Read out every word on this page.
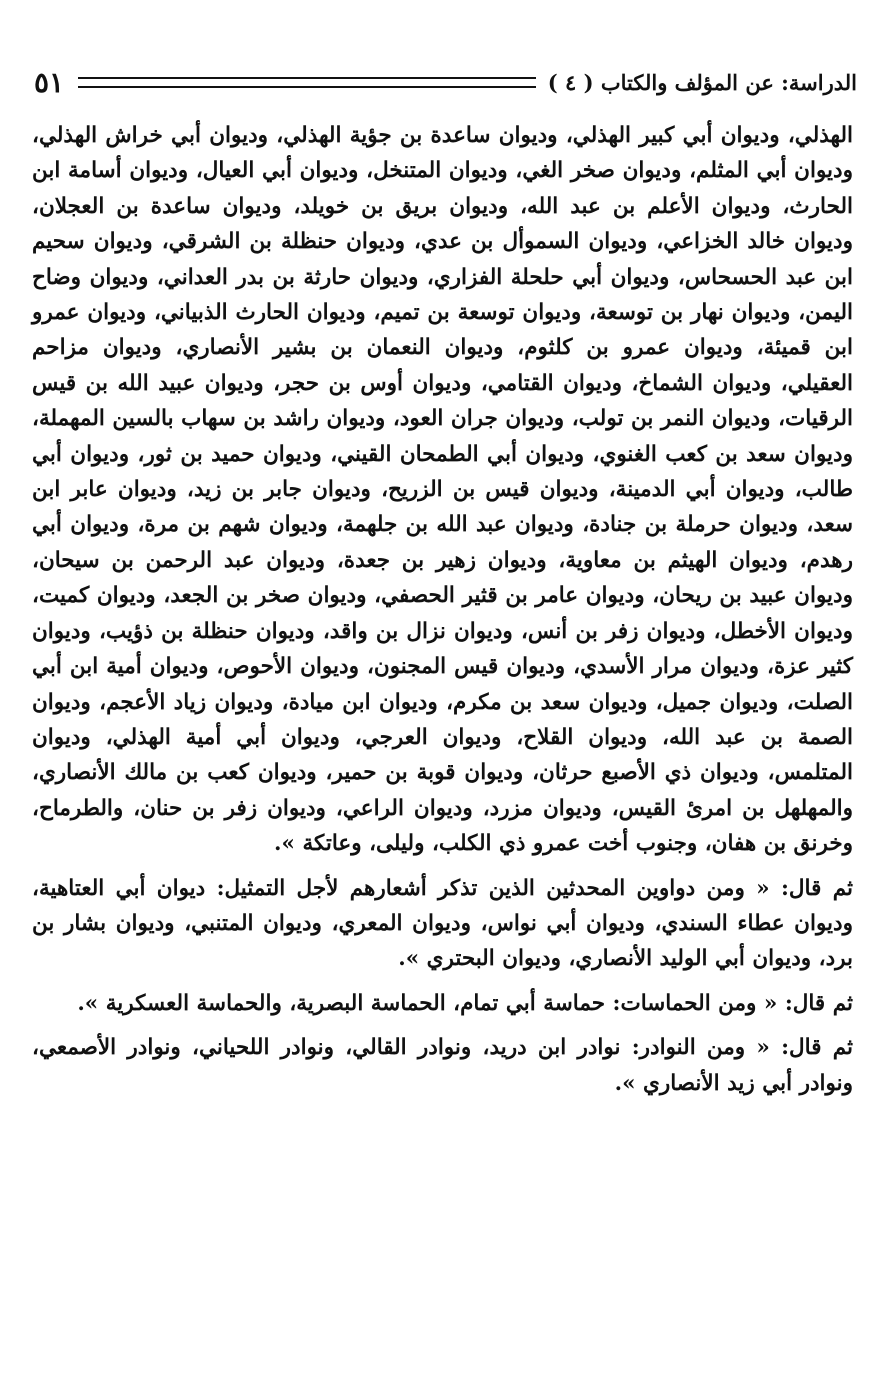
الدراسة: عن المؤلف والكتاب ( ٤ )
٥١

الهذلي، وديوان أبي كبير الهذلي، وديوان ساعدة بن جؤية الهذلي، وديوان أبي خراش الهذلي، وديوان أبي المثلم، وديوان صخر الغي، وديوان المتنخل، وديوان أبي العيال، وديوان أسامة ابن الحارث، وديوان الأعلم بن عبد الله، وديوان بريق بن خويلد، وديوان ساعدة بن العجلان، وديوان خالد الخزاعي، وديوان السموأل بن عدي، وديوان حنظلة بن الشرقي، وديوان سحيم ابن عبد الحسحاس، وديوان أبي حلحلة الفزاري، وديوان حارثة بن بدر العداني، وديوان وضاح اليمن، وديوان نهار بن توسعة، وديوان توسعة بن تميم، وديوان الحارث الذبياني، وديوان عمرو ابن قميئة، وديوان عمرو بن كلثوم، وديوان النعمان بن بشير الأنصاري، وديوان مزاحم العقيلي، وديوان الشماخ، وديوان القتامي، وديوان أوس بن حجر، وديوان عبيد الله بن قيس الرقيات، وديوان النمر بن تولب، وديوان جران العود، وديوان راشد بن سهاب بالسين المهملة، وديوان سعد بن كعب الغنوي، وديوان أبي الطمحان القيني، وديوان حميد بن ثور، وديوان أبي طالب، وديوان أبي الدمينة، وديوان قيس بن الزريح، وديوان جابر بن زيد، وديوان عابر ابن سعد، وديوان حرملة بن جنادة، وديوان عبد الله بن جلهمة، وديوان شهم بن مرة، وديوان أبي رهدم، وديوان الهيثم بن معاوية، وديوان زهير بن جعدة، وديوان عبد الرحمن بن سيحان، وديوان عبيد بن ريحان، وديوان عامر بن قثير الحصفي، وديوان صخر بن الجعد، وديوان كميت، وديوان الأخطل، وديوان زفر بن أنس، وديوان نزال بن واقد، وديوان حنظلة بن ذؤيب، وديوان كثير عزة، وديوان مرار الأسدي، وديوان قيس المجنون، وديوان الأحوص، وديوان أمية ابن أبي الصلت، وديوان جميل، وديوان سعد بن مكرم، وديوان ابن ميادة، وديوان زياد الأعجم، وديوان الصمة بن عبد الله، وديوان القلاح، وديوان العرجي، وديوان أبي أمية الهذلي، وديوان المتلمس، وديوان ذي الأصبع حرثان، وديوان قوبة بن حمير، وديوان كعب بن مالك الأنصاري، والمهلهل بن امرئ القيس، وديوان مزرد، وديوان الراعي، وديوان زفر بن حنان، والطرماح، وخرنق بن هفان، وجنوب أخت عمرو ذي الكلب، وليلى، وعاتكة ».

ثم قال: « ومن دواوين المحدثين الذين تذكر أشعارهم لأجل التمثيل: ديوان أبي العتاهية، وديوان عطاء السندي، وديوان أبي نواس، وديوان المعري، وديوان المتنبي، وديوان بشار بن برد، وديوان أبي الوليد الأنصاري، وديوان البحتري ».

ثم قال: « ومن الحماسات: حماسة أبي تمام، الحماسة البصرية، والحماسة العسكرية ».

ثم قال: « ومن النوادر: نوادر ابن دريد، ونوادر القالي، ونوادر اللحياني، ونوادر الأصمعي، ونوادر أبي زيد الأنصاري ».
